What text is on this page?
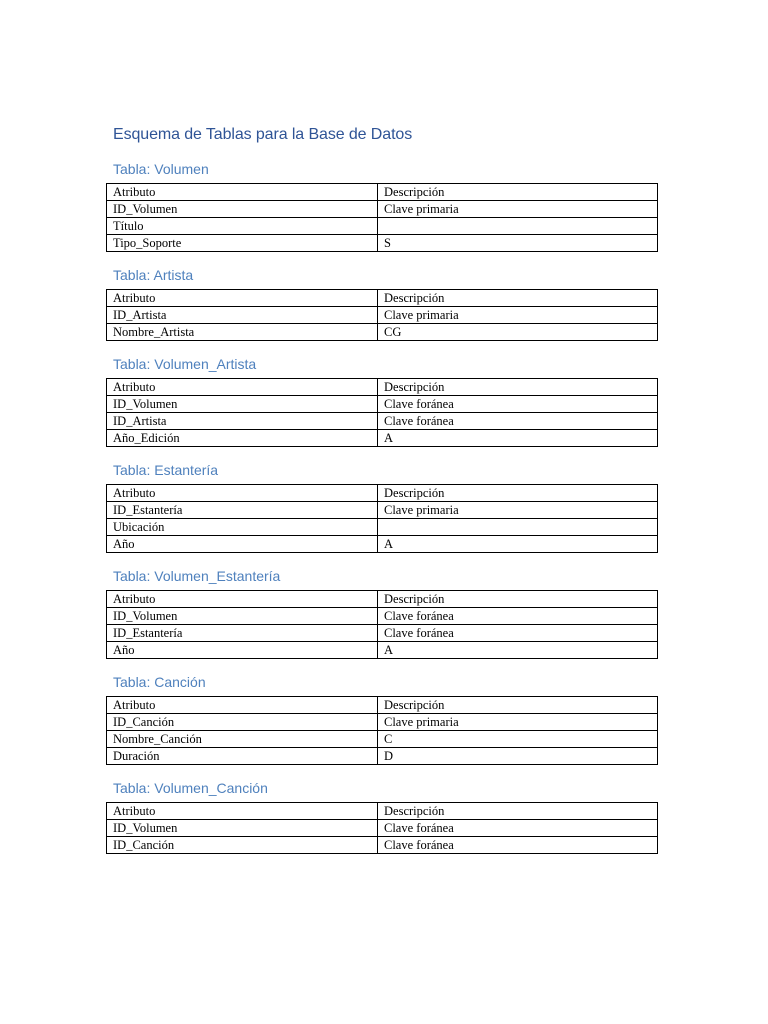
Esquema de Tablas para la Base de Datos
Tabla: Volumen
Atributo	Descripción
ID_Volumen	Clave primaria
Título	
Tipo_Soporte	S
Tabla: Artista
Atributo	Descripción
ID_Artista	Clave primaria
Nombre_Artista	CG
Tabla: Volumen_Artista
Atributo	Descripción
ID_Volumen	Clave foránea
ID_Artista	Clave foránea
Año_Edición	A
Tabla: Estantería
Atributo	Descripción
ID_Estantería	Clave primaria
Ubicación	
Año	A
Tabla: Volumen_Estantería
Atributo	Descripción
ID_Volumen	Clave foránea
ID_Estantería	Clave foránea
Año	A
Tabla: Canción
Atributo	Descripción
ID_Canción	Clave primaria
Nombre_Canción	C
Duración	D
Tabla: Volumen_Canción
Atributo	Descripción
ID_Volumen	Clave foránea
ID_Canción	Clave foránea
